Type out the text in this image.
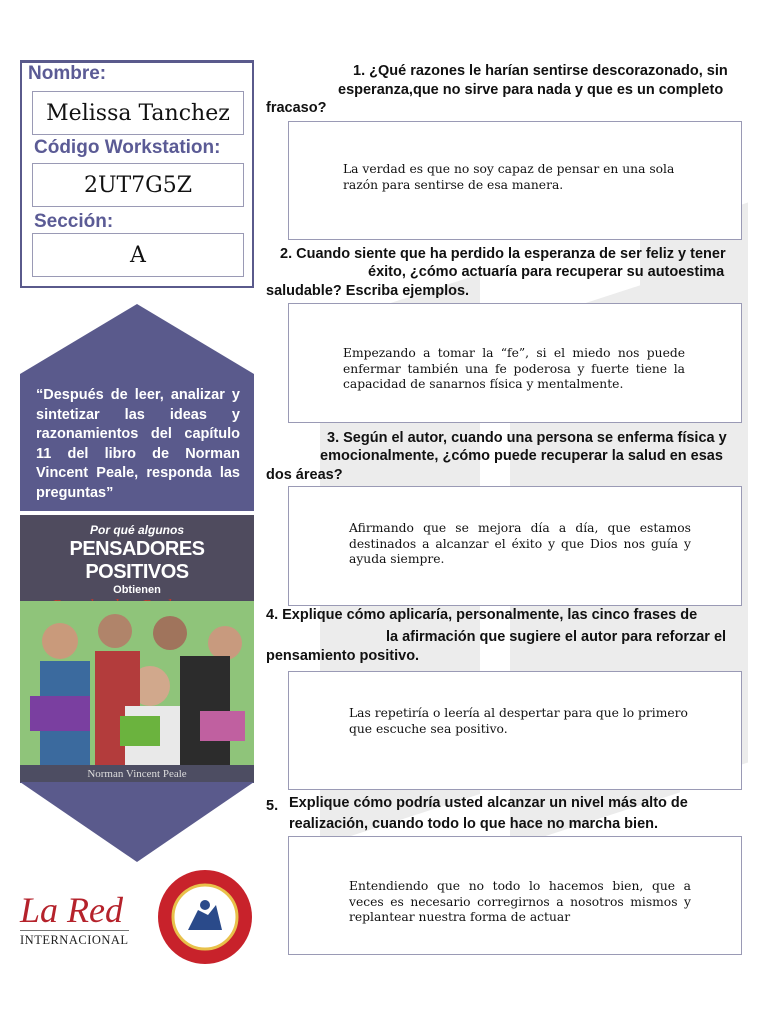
Nombre:
Melissa Tanchez
Código Workstation:
2UT7G5Z
Sección:
A
“Después de leer, analizar y sintetizar las ideas y razonamientos del capítulo 11 del libro de Norman Vincent Peale, responda las preguntas”
Por qué algunos
PENSADORES POSITIVOS
Obtienen
Norman Vincent Peale
La Red
INTERNACIONAL
1. ¿Qué razones le harían sentirse descorazonado, sin
esperanza,que no sirve para nada y que es un completo
fracaso?
La verdad es que no soy capaz de pensar en una sola razón para sentirse de esa manera.
2. Cuando siente que ha perdido la esperanza de ser feliz y tener
éxito, ¿cómo actuaría para recuperar su autoestima
saludable? Escriba ejemplos.
Empezando a tomar la “fe”, si el miedo nos puede enfermar también una fe poderosa y fuerte tiene la capacidad de sanarnos física y mentalmente.
3. Según el autor, cuando una persona se enferma física y
emocionalmente, ¿cómo puede recuperar la salud en esas
dos áreas?
Afirmando que se mejora día a día, que estamos destinados a alcanzar el éxito y que Dios nos guía y ayuda siempre.
4. Explique cómo aplicaría, personalmente, las cinco frases de
la afirmación que sugiere el autor para reforzar el
pensamiento positivo.
Las repetiría o leería al despertar para que lo primero que escuche sea positivo.
5. Explique cómo podría usted alcanzar un nivel más alto de
realización, cuando todo lo que hace no marcha bien.
Entendiendo que no todo lo hacemos bien, que a veces es necesario corregirnos a nosotros mismos y replantear nuestra forma de actuar
